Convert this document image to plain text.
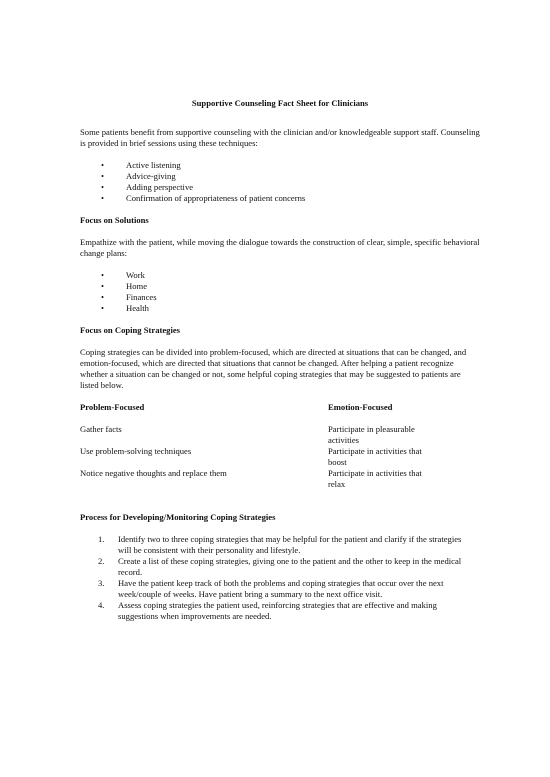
Supportive Counseling Fact Sheet for Clinicians

Some patients benefit from supportive counseling with the clinician and/or knowledgeable support staff. Counseling is provided in brief sessions using these techniques:

•	Active listening
•	Advice-giving
•	Adding perspective
•	Confirmation of appropriateness of patient concerns

Focus on Solutions

Empathize with the patient, while moving the dialogue towards the construction of clear, simple, specific behavioral change plans:

•	Work
•	Home
•	Finances
•	Health

Focus on Coping Strategies

Coping strategies can be divided into problem-focused, which are directed at situations that can be changed, and emotion-focused, which are directed that situations that cannot be changed. After helping a patient recognize whether a situation can be changed or not, some helpful coping strategies that may be suggested to patients are listed below.

Problem-Focused	Emotion-Focused
Gather facts	Participate in pleasurable activities
Use problem-solving techniques	Participate in activities that boost
Notice negative thoughts and replace them	Participate in activities that relax

Process for Developing/Monitoring Coping Strategies

1. Identify two to three coping strategies that may be helpful for the patient and clarify if the strategies will be consistent with their personality and lifestyle.
2. Create a list of these coping strategies, giving one to the patient and the other to keep in the medical record.
3. Have the patient keep track of both the problems and coping strategies that occur over the next week/couple of weeks. Have patient bring a summary to the next office visit.
4. Assess coping strategies the patient used, reinforcing strategies that are effective and making suggestions when improvements are needed.
